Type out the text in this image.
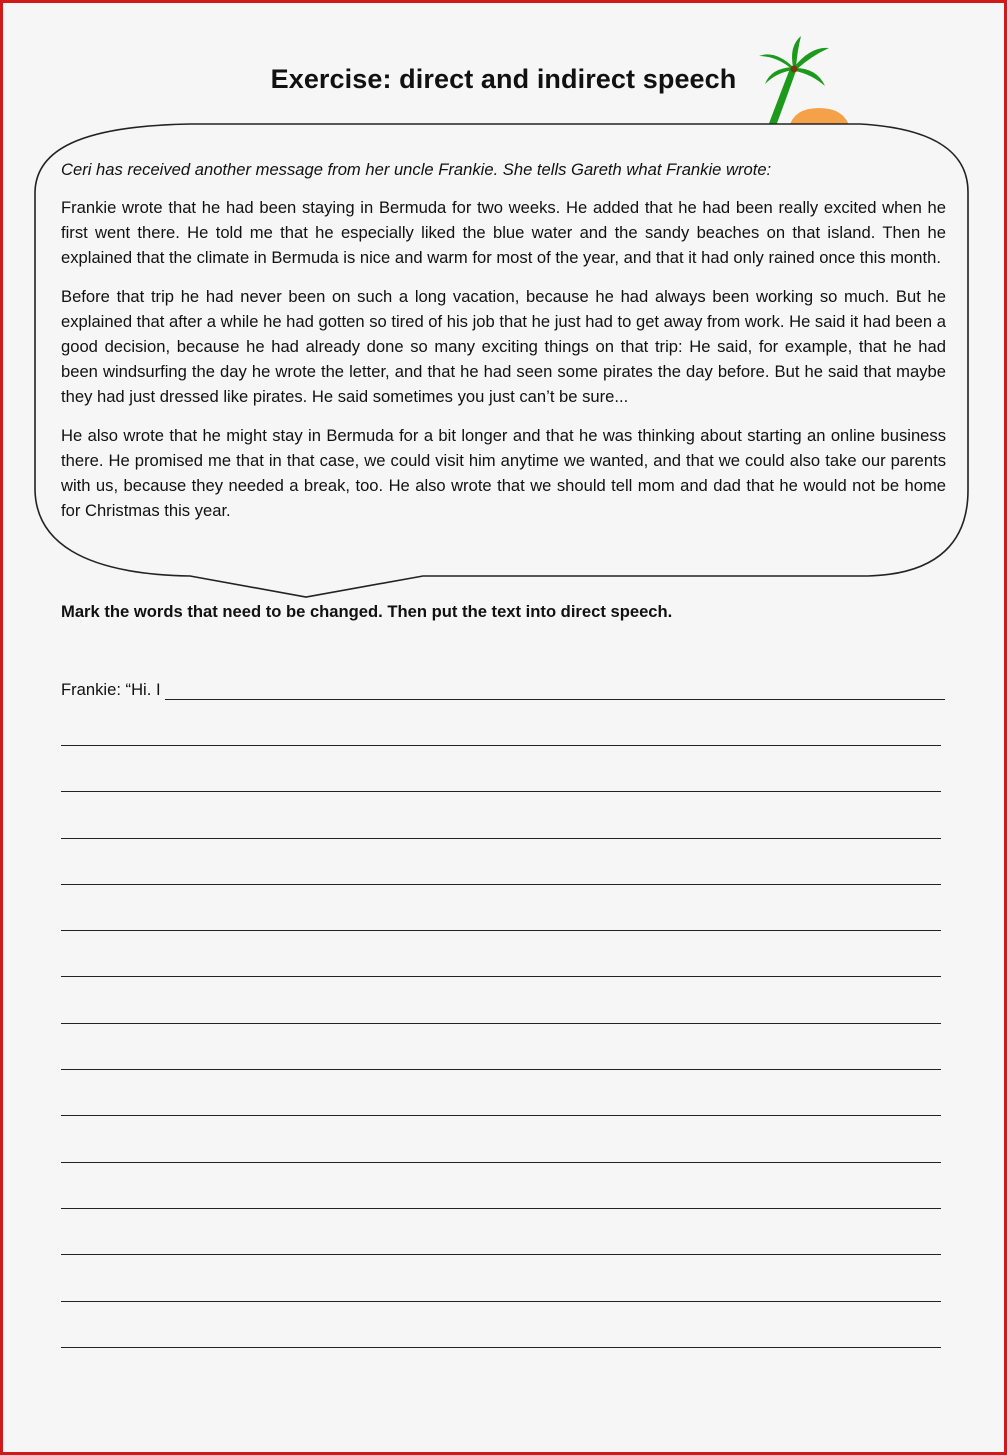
Exercise: direct and indirect speech

Ceri has received another message from her uncle Frankie. She tells Gareth what Frankie wrote:

Frankie wrote that he had been staying in Bermuda for two weeks. He added that he had been really excited when he first went there. He told me that he especially liked the blue water and the sandy beaches on that island. Then he explained that the climate in Bermuda is nice and warm for most of the year, and that it had only rained once this month.

Before that trip he had never been on such a long vacation, because he had always been working so much. But he explained that after a while he had gotten so tired of his job that he just had to get away from work. He said it had been a good decision, because he had already done so many exciting things on that trip: He said, for example, that he had been windsurfing the day he wrote the letter, and that he had seen some pirates the day before. But he said that maybe they had just dressed like pirates. He said sometimes you just can’t be sure...

He also wrote that he might stay in Bermuda for a bit longer and that he was thinking about starting an online business there. He promised me that in that case, we could visit him anytime we wanted, and that we could also take our parents with us, because they needed a break, too. He also wrote that we should tell mom and dad that he would not be home for Christmas this year.

Mark the words that need to be changed. Then put the text into direct speech.
Frankie: “Hi. I
